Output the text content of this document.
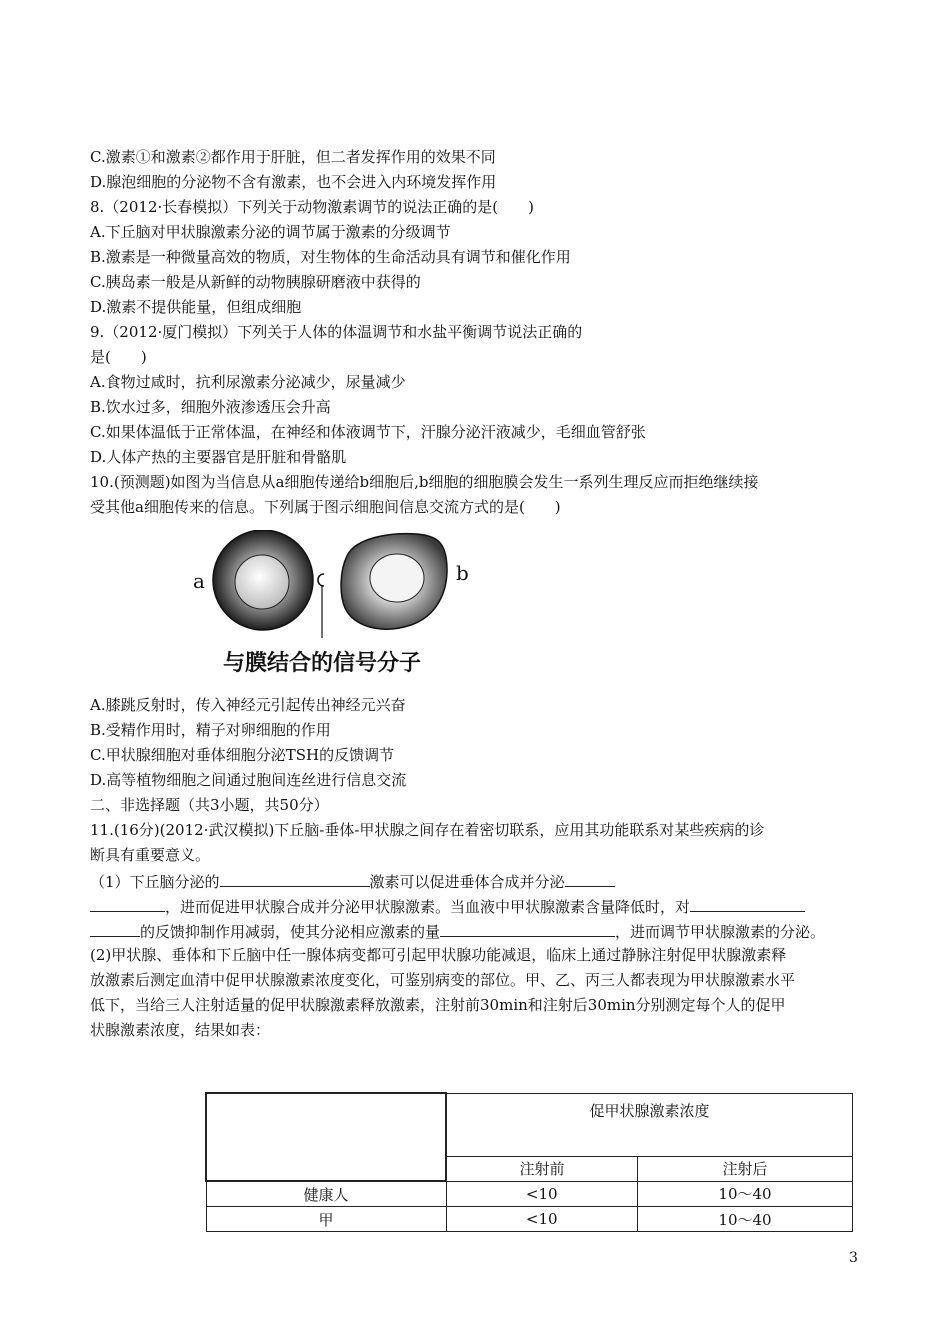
C.激素①和激素②都作用于肝脏，但二者发挥作用的效果不同
D.腺泡细胞的分泌物不含有激素，也不会进入内环境发挥作用
8.（2012·长春模拟）下列关于动物激素调节的说法正确的是(　　)
A.下丘脑对甲状腺激素分泌的调节属于激素的分级调节
B.激素是一种微量高效的物质，对生物体的生命活动具有调节和催化作用
C.胰岛素一般是从新鲜的动物胰腺研磨液中获得的
D.激素不提供能量，但组成细胞
9.（2012·厦门模拟）下列关于人体的体温调节和水盐平衡调节说法正确的
是(　　)
A.食物过咸时，抗利尿激素分泌减少，尿量减少
B.饮水过多，细胞外液渗透压会升高
C.如果体温低于正常体温，在神经和体液调节下，汗腺分泌汗液减少，毛细血管舒张
D.人体产热的主要器官是肝脏和骨骼肌
10.(预测题)如图为当信息从a细胞传递给b细胞后,b细胞的细胞膜会发生一系列生理反应而拒绝继续接
受其他a细胞传来的信息。下列属于图示细胞间信息交流方式的是(　　)
a	b
与膜结合的信号分子
A.膝跳反射时，传入神经元引起传出神经元兴奋
B.受精作用时，精子对卵细胞的作用
C.甲状腺细胞对垂体细胞分泌TSH的反馈调节
D.高等植物细胞之间通过胞间连丝进行信息交流
二、非选择题（共3小题，共50分）
11.(16分)(2012·武汉模拟)下丘脑-垂体-甲状腺之间存在着密切联系，应用其功能联系对某些疾病的诊
断具有重要意义。
（1）下丘脑分泌的	激素可以促进垂体合成并分泌
，进而促进甲状腺合成并分泌甲状腺激素。当血液中甲状腺激素含量降低时，对
的反馈抑制作用减弱，使其分泌相应激素的量	，进而调节甲状腺激素的分泌。
(2)甲状腺、垂体和下丘脑中任一腺体病变都可引起甲状腺功能减退，临床上通过静脉注射促甲状腺激素释
放激素后测定血清中促甲状腺激素浓度变化，可鉴别病变的部位。甲、乙、丙三人都表现为甲状腺激素水平
低下，当给三人注射适量的促甲状腺激素释放激素，注射前30min和注射后30min分别测定每个人的促甲
状腺激素浓度，结果如表：
	促甲状腺激素浓度	
	注射前	注射后
健康人	<10	10～40
甲	<10	10～40
3
